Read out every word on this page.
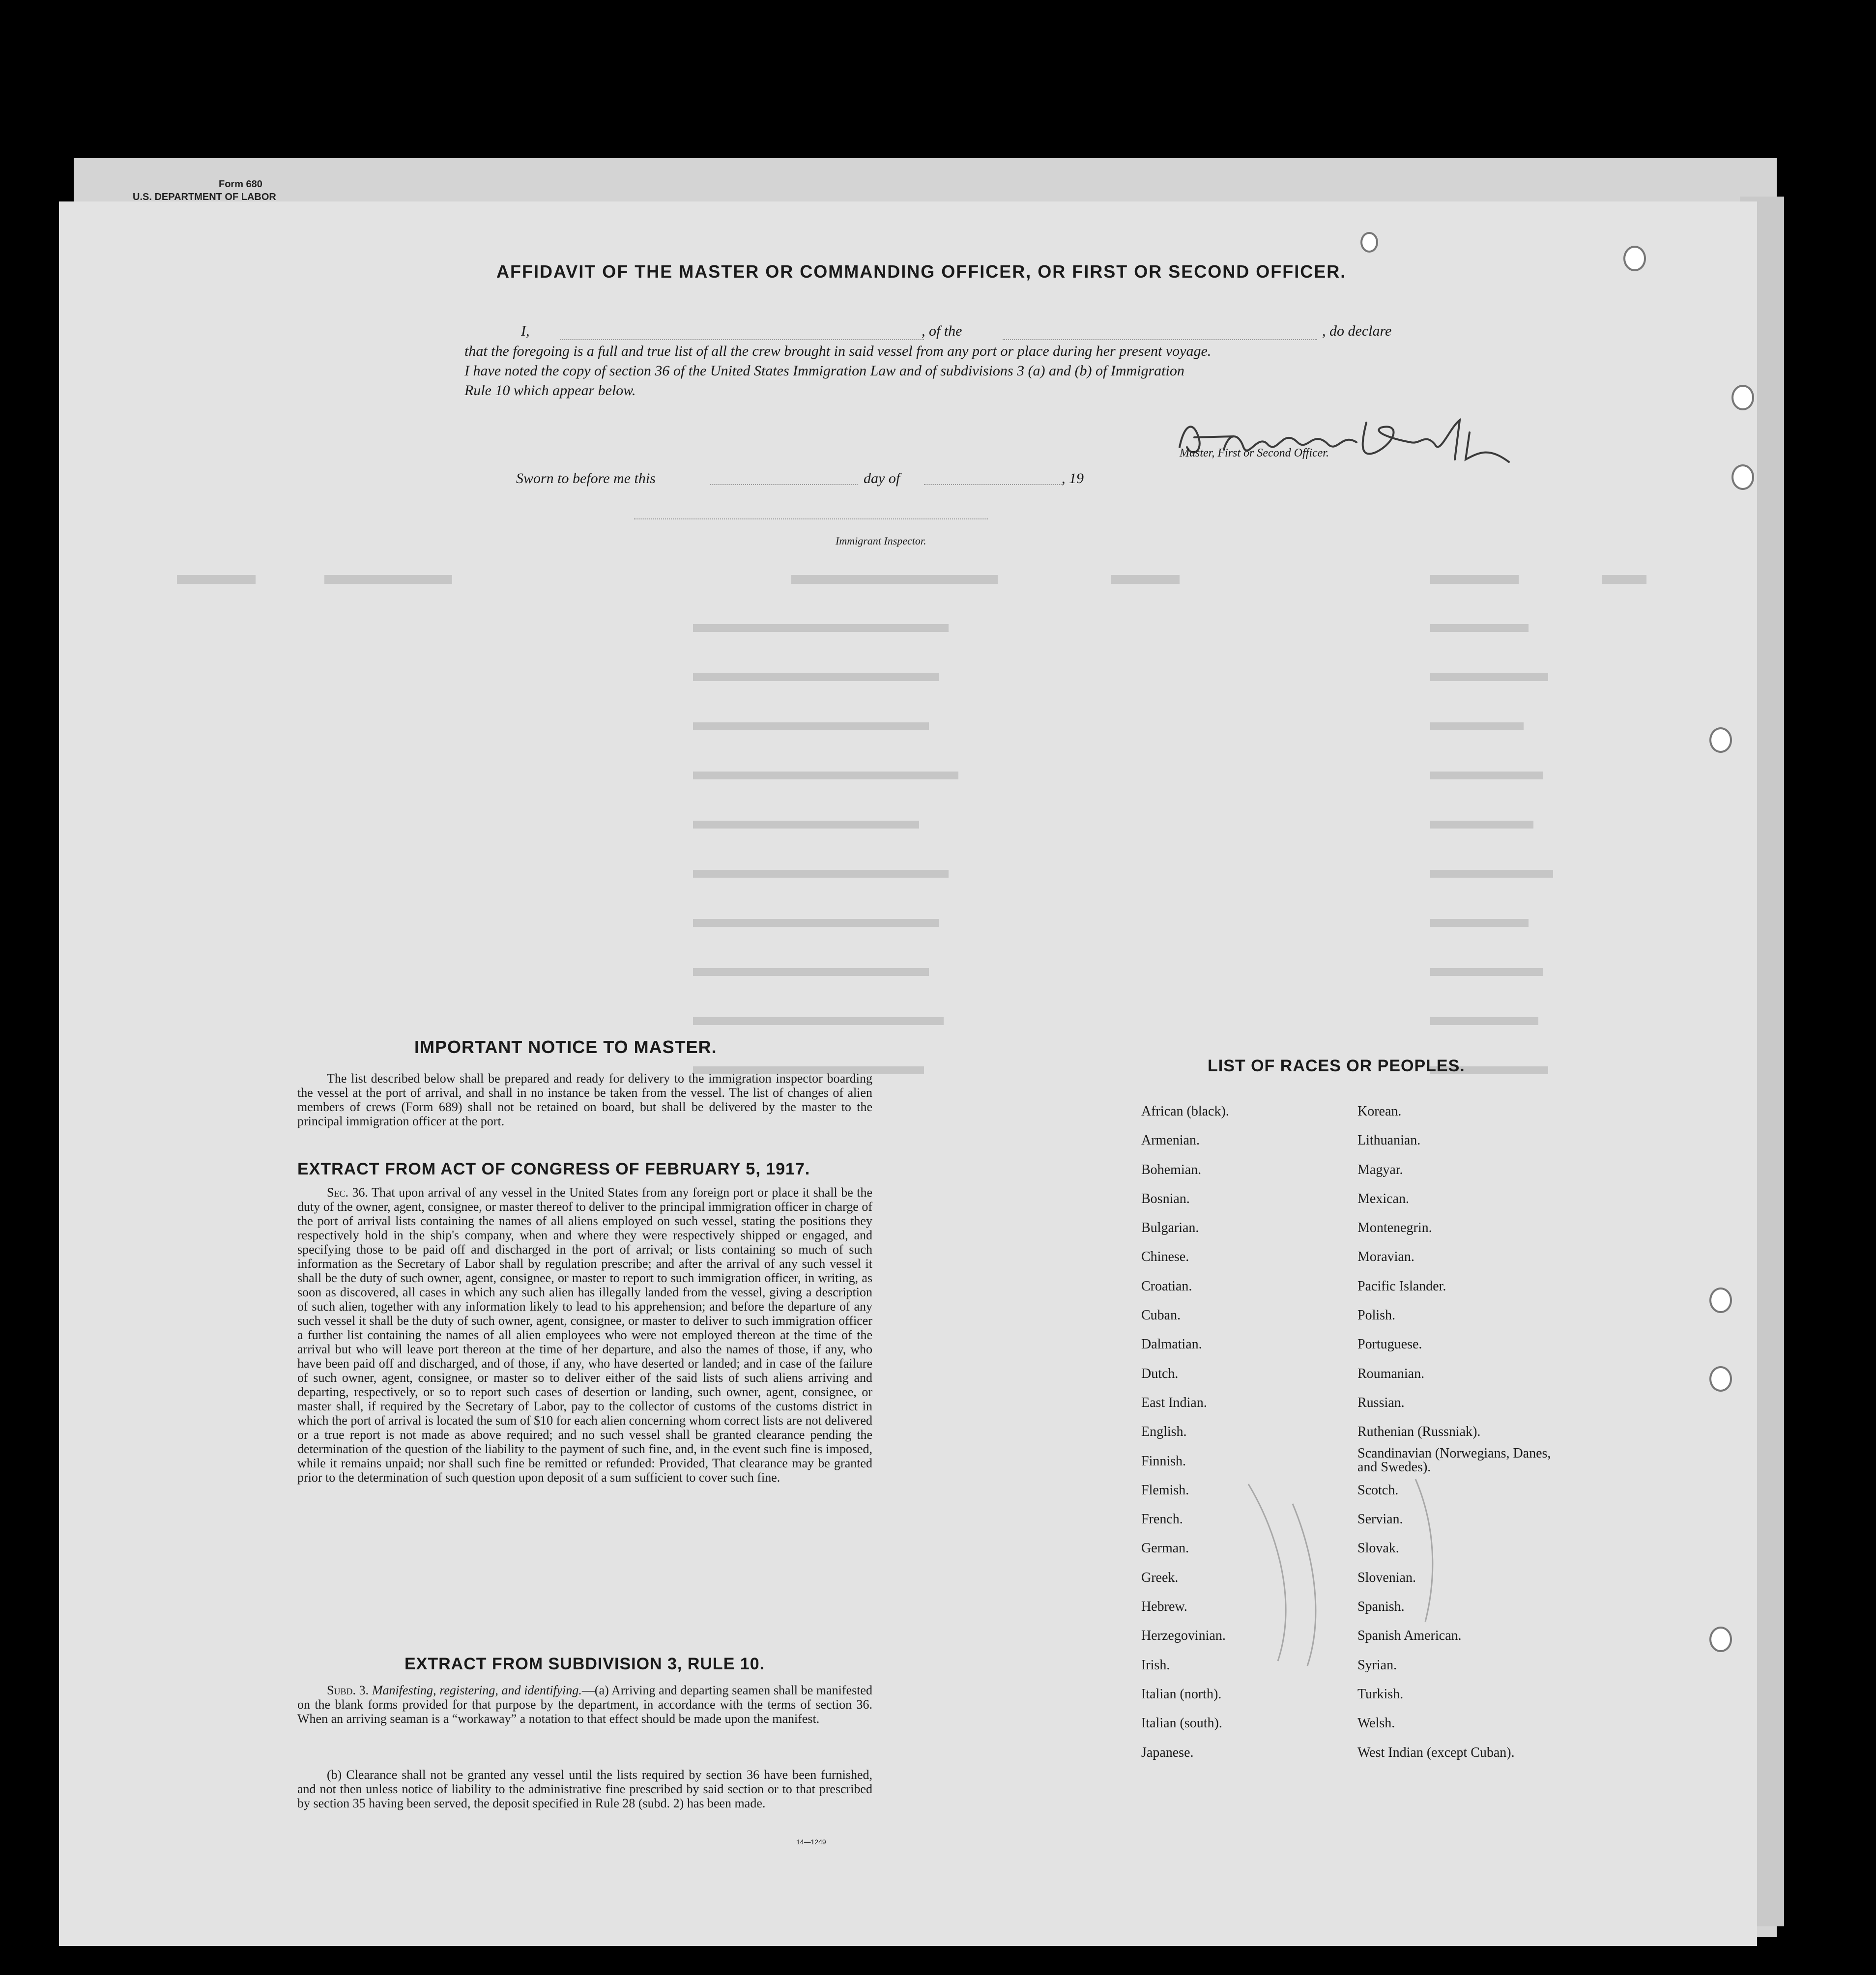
Form 680
U.S. DEPARTMENT OF LABOR
AFFIDAVIT OF THE MASTER OR COMMANDING OFFICER, OR FIRST OR SECOND OFFICER.
I,	, of the	, do declare
that the foregoing is a full and true list of all the crew brought in said vessel from any port or place during her present voyage.
I have noted the copy of section 36 of the United States Immigration Law and of subdivisions 3 (a) and (b) of Immigration
Rule 10 which appear below.
Master, First or Second Officer.
Sworn to before me this	day of	, 19
Immigrant Inspector.
IMPORTANT NOTICE TO MASTER.
The list described below shall be prepared and ready for delivery to the immigration inspector boarding the vessel at the port of arrival, and shall in no instance be taken from the vessel. The list of changes of alien members of crews (Form 689) shall not be retained on board, but shall be delivered by the master to the principal immigration officer at the port.
EXTRACT FROM ACT OF CONGRESS OF FEBRUARY 5, 1917.
Sec. 36. That upon arrival of any vessel in the United States from any foreign port or place it shall be the duty of the owner, agent, consignee, or master thereof to deliver to the principal immigration officer in charge of the port of arrival lists containing the names of all aliens employed on such vessel, stating the positions they respectively hold in the ship's company, when and where they were respectively shipped or engaged, and specifying those to be paid off and discharged in the port of arrival; or lists containing so much of such information as the Secretary of Labor shall by regulation prescribe; and after the arrival of any such vessel it shall be the duty of such owner, agent, consignee, or master to report to such immigration officer, in writing, as soon as discovered, all cases in which any such alien has illegally landed from the vessel, giving a description of such alien, together with any information likely to lead to his apprehension; and before the departure of any such vessel it shall be the duty of such owner, agent, consignee, or master to deliver to such immigration officer a further list containing the names of all alien employees who were not employed thereon at the time of the arrival but who will leave port thereon at the time of her departure, and also the names of those, if any, who have been paid off and discharged, and of those, if any, who have deserted or landed; and in case of the failure of such owner, agent, consignee, or master so to deliver either of the said lists of such aliens arriving and departing, respectively, or so to report such cases of desertion or landing, such owner, agent, consignee, or master shall, if required by the Secretary of Labor, pay to the collector of customs of the customs district in which the port of arrival is located the sum of $10 for each alien concerning whom correct lists are not delivered or a true report is not made as above required; and no such vessel shall be granted clearance pending the determination of the question of the liability to the payment of such fine, and, in the event such fine is imposed, while it remains unpaid; nor shall such fine be remitted or refunded: Provided, That clearance may be granted prior to the determination of such question upon deposit of a sum sufficient to cover such fine.
EXTRACT FROM SUBDIVISION 3, RULE 10.
Subd. 3. Manifesting, registering, and identifying.—(a) Arriving and departing seamen shall be manifested on the blank forms provided for that purpose by the department, in accordance with the terms of section 36. When an arriving seaman is a “workaway” a notation to that effect should be made upon the manifest.
(b) Clearance shall not be granted any vessel until the lists required by section 36 have been furnished, and not then unless notice of liability to the administrative fine prescribed by said section or to that prescribed by section 35 having been served, the deposit specified in Rule 28 (subd. 2) has been made.
14—1249
LIST OF RACES OR PEOPLES.
African (black).
Armenian.
Bohemian.
Bosnian.
Bulgarian.
Chinese.
Croatian.
Cuban.
Dalmatian.
Dutch.
East Indian.
English.
Finnish.
Flemish.
French.
German.
Greek.
Hebrew.
Herzegovinian.
Irish.
Italian (north).
Italian (south).
Japanese.
Korean.
Lithuanian.
Magyar.
Mexican.
Montenegrin.
Moravian.
Pacific Islander.
Polish.
Portuguese.
Roumanian.
Russian.
Ruthenian (Russniak).
Scandinavian (Norwegians, Danes, and Swedes).
Scotch.
Servian.
Slovak.
Slovenian.
Spanish.
Spanish American.
Syrian.
Turkish.
Welsh.
West Indian (except Cuban).
